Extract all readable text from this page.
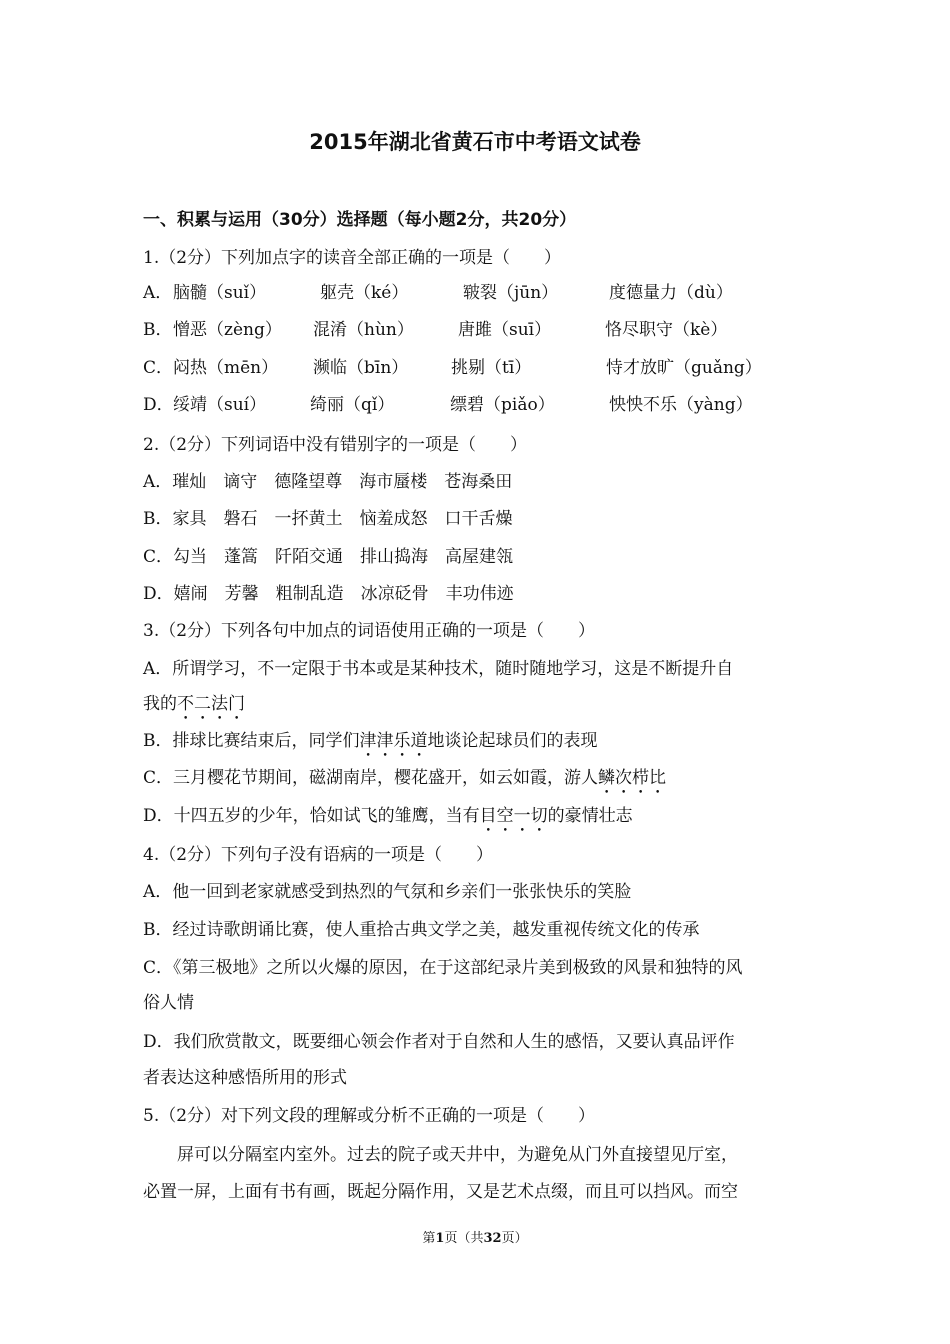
2015年湖北省黄石市中考语文试卷
一、积累与运用（30分）选择题（每小题2分，共20分）
1.（2分）下列加点字的读音全部正确的一项是（　　）
A． 脑髓（suǐ）	躯壳（ké）	皲裂（jūn）	度德量力（dù）
B． 憎恶（zèng） 混淆（hùn）	唐雎（suī）	恪尽职守（kè）
C． 闷热（mēn） 濒临（bīn）	挑剔（tī）	恃才放旷（guǎng）
D． 绥靖（suí）	绮丽（qǐ）	缥碧（piǎo）	怏怏不乐（yàng）
2.（2分）下列词语中没有错别字的一项是（　　）
A．璀灿　谪守　德隆望尊　海市蜃楼　苍海桑田
B．家具　磐石　一抔黄土　恼羞成怒　口干舌燥
C．勾当　蓬篙　阡陌交通　排山捣海　高屋建瓴
D．嬉闹　芳馨　粗制乱造　冰凉砭骨　丰功伟迹
3.（2分）下列各句中加点的词语使用正确的一项是（　　）
A．所谓学习，不一定限于书本或是某种技术，随时随地学习，这是不断提升自
我的不二法门
B．排球比赛结束后，同学们津津乐道地谈论起球员们的表现
C．三月樱花节期间，磁湖南岸，樱花盛开，如云如霞，游人鳞次栉比
D．十四五岁的少年，恰如试飞的雏鹰，当有目空一切的豪情壮志
4.（2分）下列句子没有语病的一项是（　　）
A．他一回到老家就感受到热烈的气氛和乡亲们一张张快乐的笑脸
B．经过诗歌朗诵比赛，使人重拾古典文学之美，越发重视传统文化的传承
C．《第三极地》之所以火爆的原因，在于这部纪录片美到极致的风景和独特的风
俗人情
D．我们欣赏散文，既要细心领会作者对于自然和人生的感悟，又要认真品评作
者表达这种感悟所用的形式
5.（2分）对下列文段的理解或分析不正确的一项是（　　）
　　屏可以分隔室内室外。过去的院子或天井中，为避免从门外直接望见厅室，
必置一屏，上面有书有画，既起分隔作用，又是艺术点缀，而且可以挡风。而空
第1页（共32页）
